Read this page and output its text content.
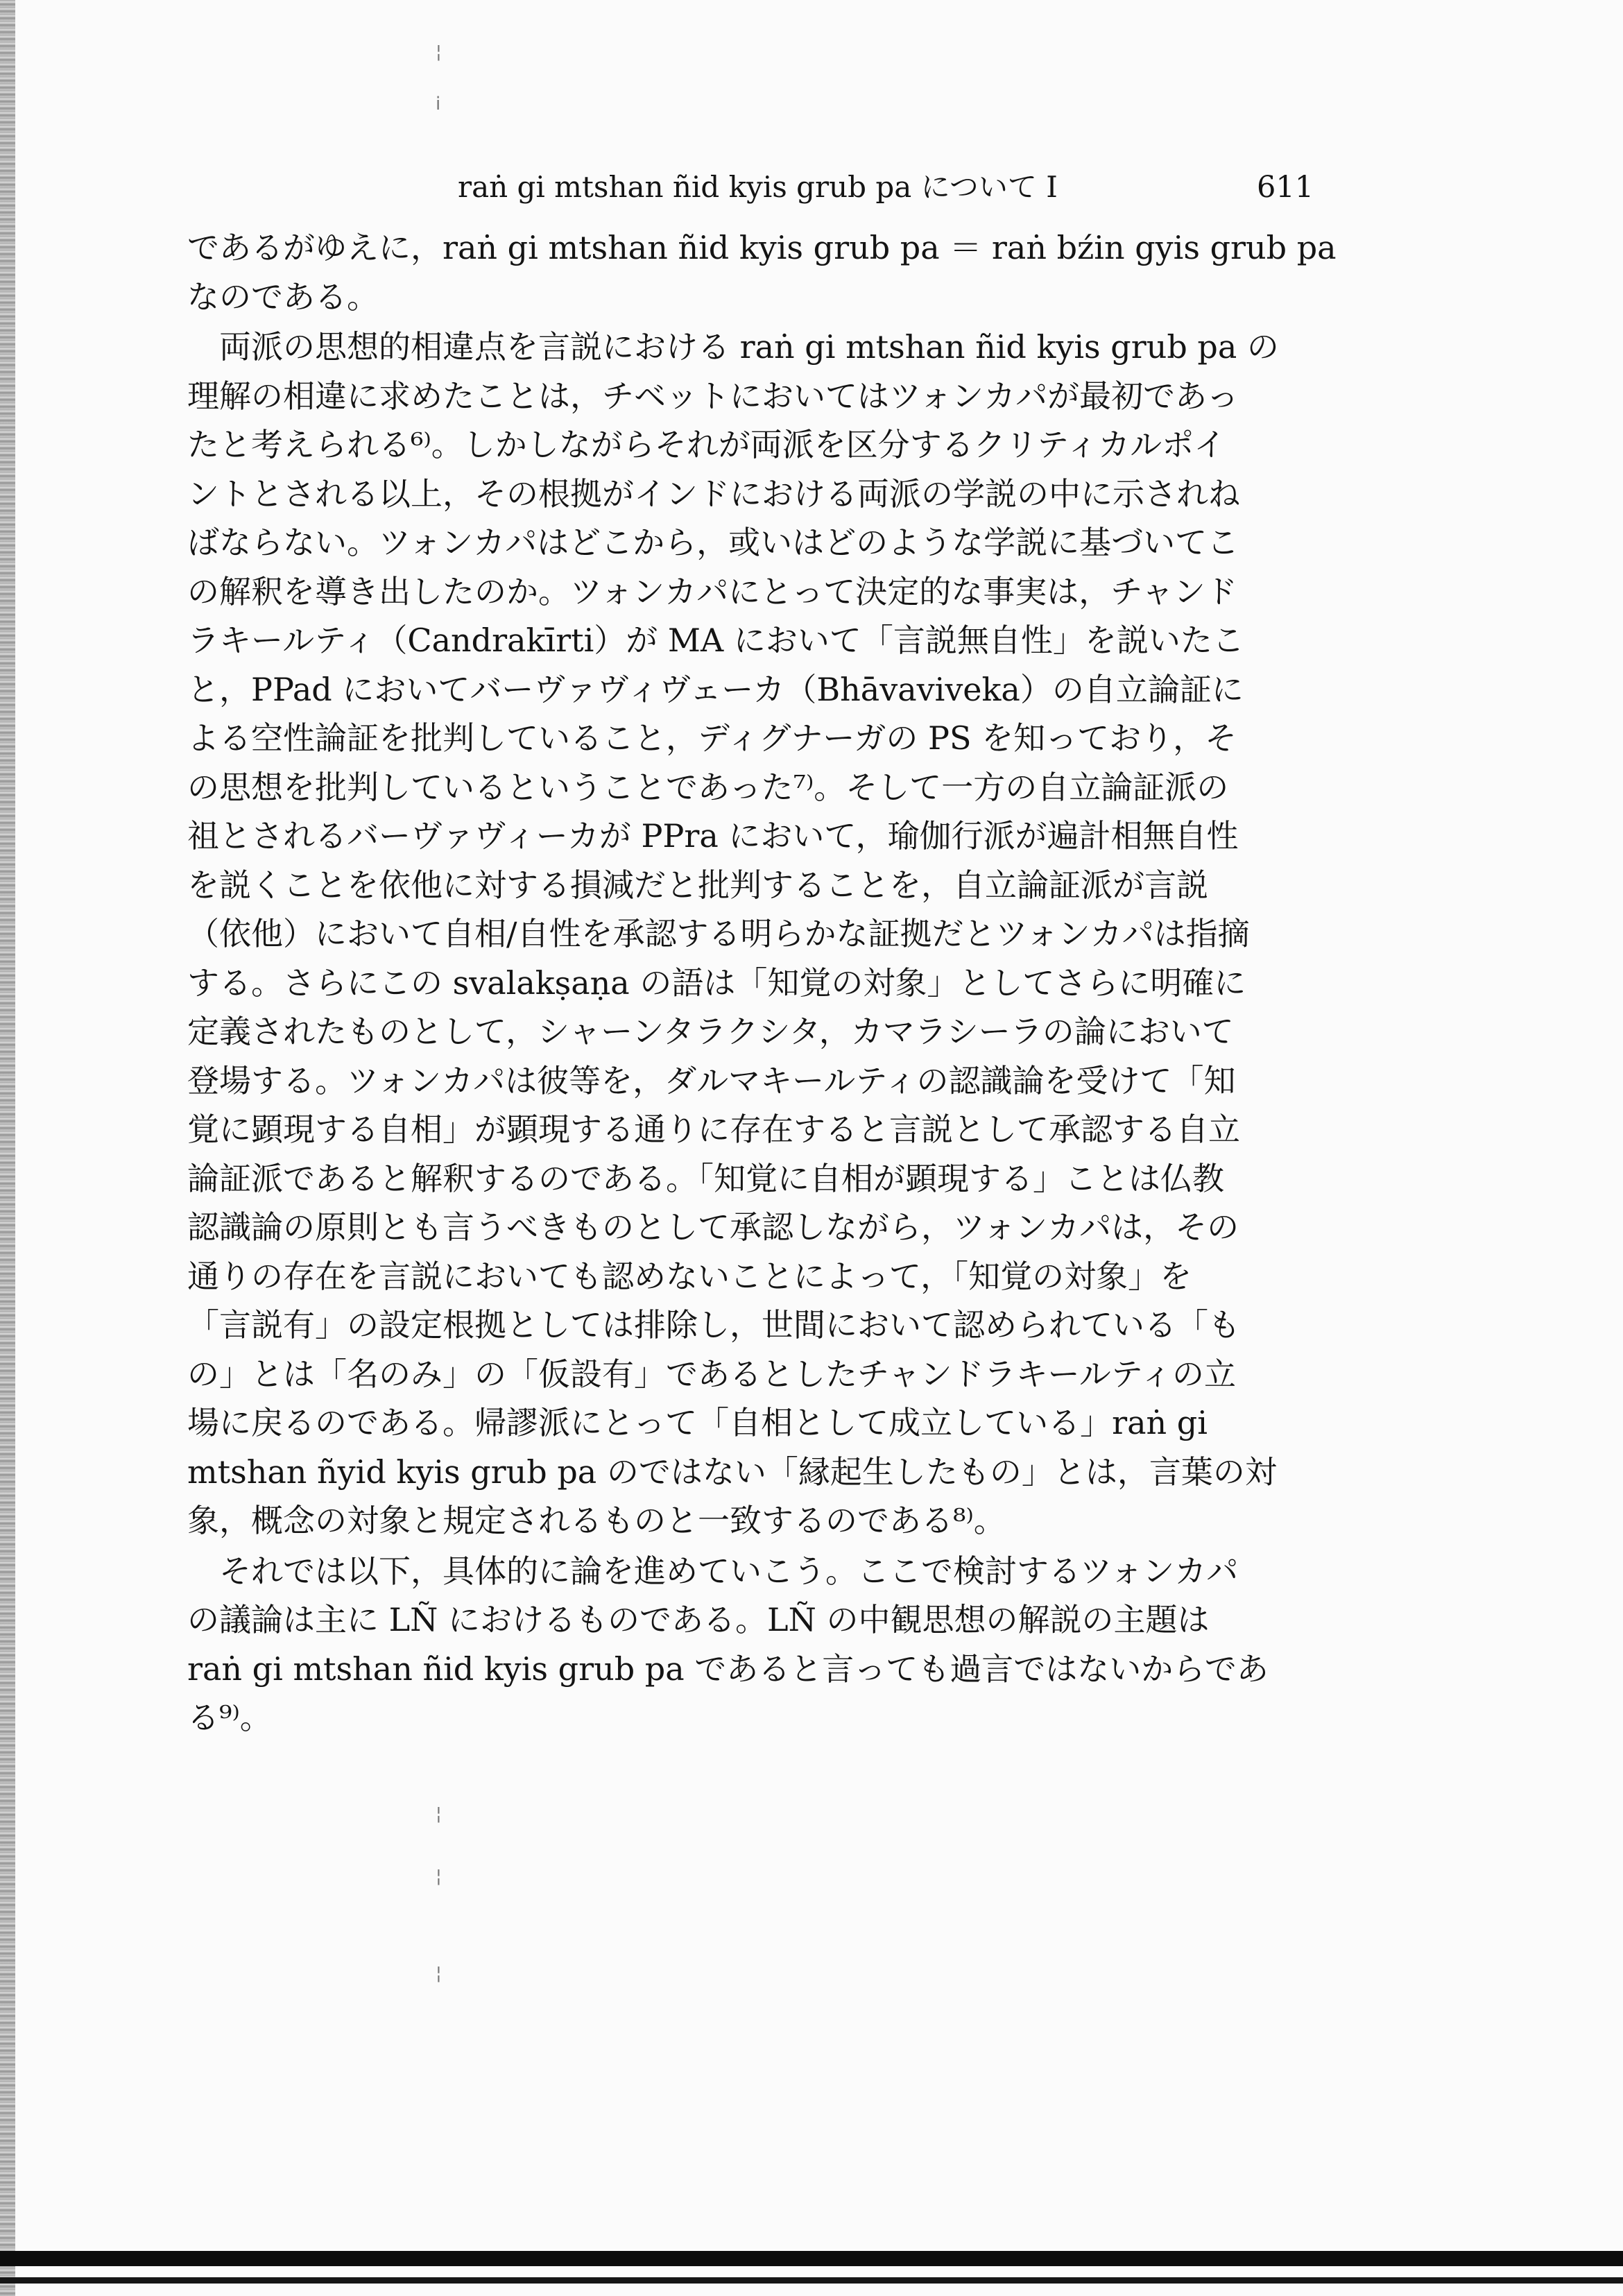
raṅ gi mtshan ñid kyis grub pa について Ⅰ	611
であるがゆえに，raṅ gi mtshan ñid kyis grub pa ＝ raṅ bźin gyis grub pa
なのである。
両派の思想的相違点を言説における raṅ gi mtshan ñid kyis grub pa の
理解の相違に求めたことは，チベットにおいてはツォンカパが最初であっ
たと考えられる⁶⁾。しかしながらそれが両派を区分するクリティカルポイ
ントとされる以上，その根拠がインドにおける両派の学説の中に示されね
ばならない。ツォンカパはどこから，或いはどのような学説に基づいてこ
の解釈を導き出したのか。ツォンカパにとって決定的な事実は，チャンド
ラキールティ（Candrakīrti）が MA において「言説無自性」を説いたこ
と，PPad においてバーヴァヴィヴェーカ（Bhāvaviveka）の自立論証に
よる空性論証を批判していること，ディグナーガの PS を知っており，そ
の思想を批判しているということであった⁷⁾。そして一方の自立論証派の
祖とされるバーヴァヴィーカが PPra において，瑜伽行派が遍計相無自性
を説くことを依他に対する損減だと批判することを，自立論証派が言説
（依他）において自相/自性を承認する明らかな証拠だとツォンカパは指摘
する。さらにこの svalakṣaṇa の語は「知覚の対象」としてさらに明確に
定義されたものとして，シャーンタラクシタ，カマラシーラの論において
登場する。ツォンカパは彼等を，ダルマキールティの認識論を受けて「知
覚に顕現する自相」が顕現する通りに存在すると言説として承認する自立
論証派であると解釈するのである。「知覚に自相が顕現する」ことは仏教
認識論の原則とも言うべきものとして承認しながら，ツォンカパは，その
通りの存在を言説においても認めないことによって，「知覚の対象」を
「言説有」の設定根拠としては排除し，世間において認められている「も
の」とは「名のみ」の「仮設有」であるとしたチャンドラキールティの立
場に戻るのである。帰謬派にとって「自相として成立している」raṅ gi
mtshan ñyid kyis grub pa のではない「縁起生したもの」とは，言葉の対
象，概念の対象と規定されるものと一致するのである⁸⁾。
それでは以下，具体的に論を進めていこう。ここで検討するツォンカパ
の議論は主に LÑ におけるものである。LÑ の中観思想の解説の主題は
raṅ gi mtshan ñid kyis grub pa であると言っても過言ではないからであ
る⁹⁾。
¦
ⅰ
¦
¦
¦
